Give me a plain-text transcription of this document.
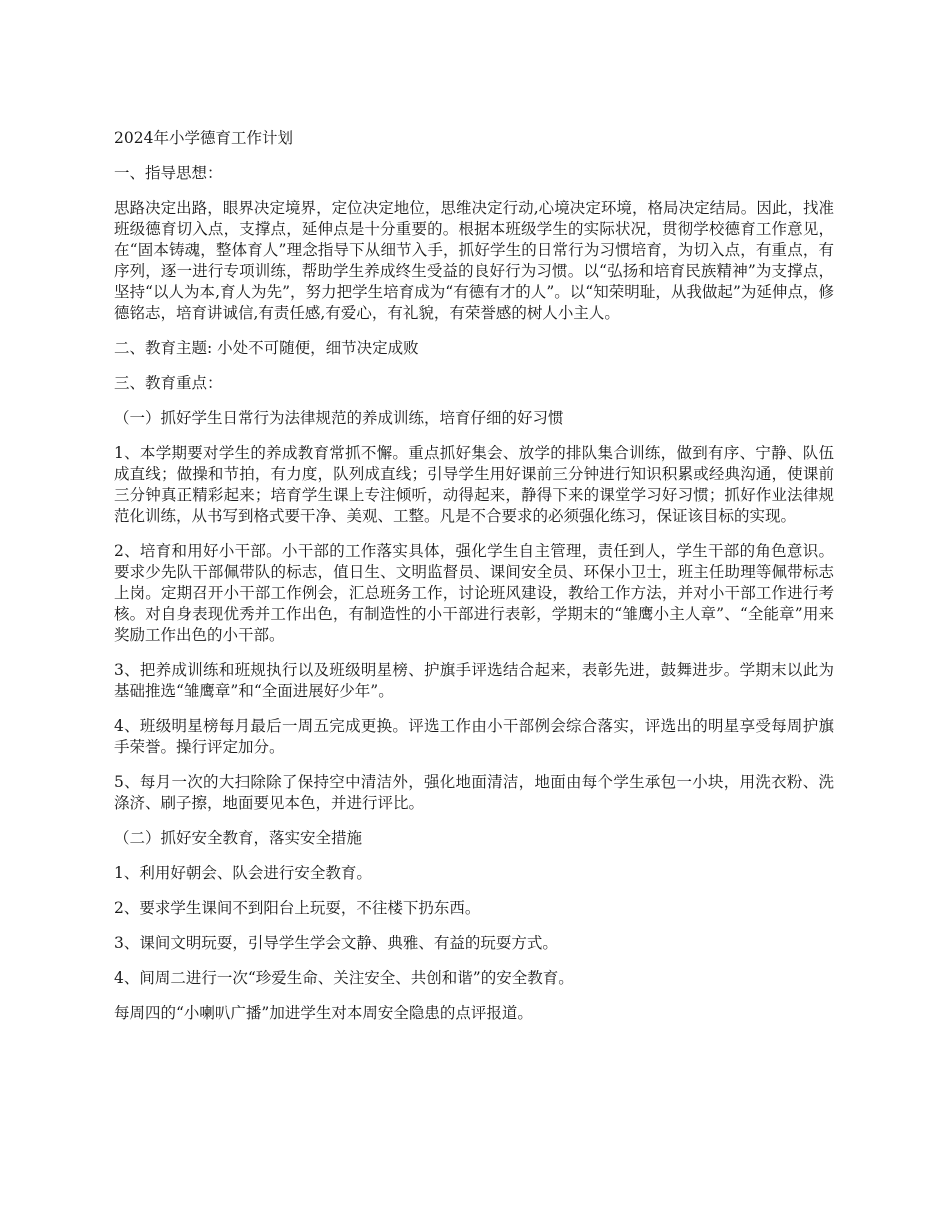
2024年小学德育工作计划

一、指导思想：

思路决定出路，眼界决定境界，定位决定地位，思维决定行动,心境决定环境，格局决定结局。因此，找准班级德育切入点，支撑点，延伸点是十分重要的。根据本班级学生的实际状况，贯彻学校德育工作意见，在“固本铸魂，整体育人”理念指导下从细节入手，抓好学生的日常行为习惯培育，为切入点，有重点，有序列，逐一进行专项训练，帮助学生养成终生受益的良好行为习惯。以“弘扬和培育民族精神”为支撑点，坚持“以人为本,育人为先”，努力把学生培育成为“有德有才的人”。以“知荣明耻，从我做起”为延伸点，修德铭志，培育讲诚信,有责任感,有爱心，有礼貌，有荣誉感的树人小主人。

二、教育主题: 小处不可随便，细节决定成败

三、教育重点：

（一）抓好学生日常行为法律规范的养成训练，培育仔细的好习惯

1、本学期要对学生的养成教育常抓不懈。重点抓好集会、放学的排队集合训练，做到有序、宁静、队伍成直线；做操和节拍，有力度，队列成直线；引导学生用好课前三分钟进行知识积累或经典沟通，使课前三分钟真正精彩起来；培育学生课上专注倾听，动得起来，静得下来的课堂学习好习惯；抓好作业法律规范化训练，从书写到格式要干净、美观、工整。凡是不合要求的必须强化练习，保证该目标的实现。

2、培育和用好小干部。小干部的工作落实具体，强化学生自主管理，责任到人，学生干部的角色意识。要求少先队干部佩带队的标志，值日生、文明监督员、课间安全员、环保小卫士，班主任助理等佩带标志上岗。定期召开小干部工作例会，汇总班务工作，讨论班风建设，教给工作方法，并对小干部工作进行考核。对自身表现优秀并工作出色，有制造性的小干部进行表彰，学期末的“雏鹰小主人章”、“全能章”用来奖励工作出色的小干部。

3、把养成训练和班规执行以及班级明星榜、护旗手评选结合起来，表彰先进，鼓舞进步。学期末以此为基础推选“雏鹰章”和“全面进展好少年”。

4、班级明星榜每月最后一周五完成更换。评选工作由小干部例会综合落实，评选出的明星享受每周护旗手荣誉。操行评定加分。

5、每月一次的大扫除除了保持空中清洁外，强化地面清洁，地面由每个学生承包一小块，用洗衣粉、洗涤济、刷子擦，地面要见本色，并进行评比。

（二）抓好安全教育，落实安全措施

1、利用好朝会、队会进行安全教育。

2、要求学生课间不到阳台上玩耍，不往楼下扔东西。

3、课间文明玩耍，引导学生学会文静、典雅、有益的玩耍方式。

4、间周二进行一次“珍爱生命、关注安全、共创和谐”的安全教育。

每周四的“小喇叭广播”加进学生对本周安全隐患的点评报道。
